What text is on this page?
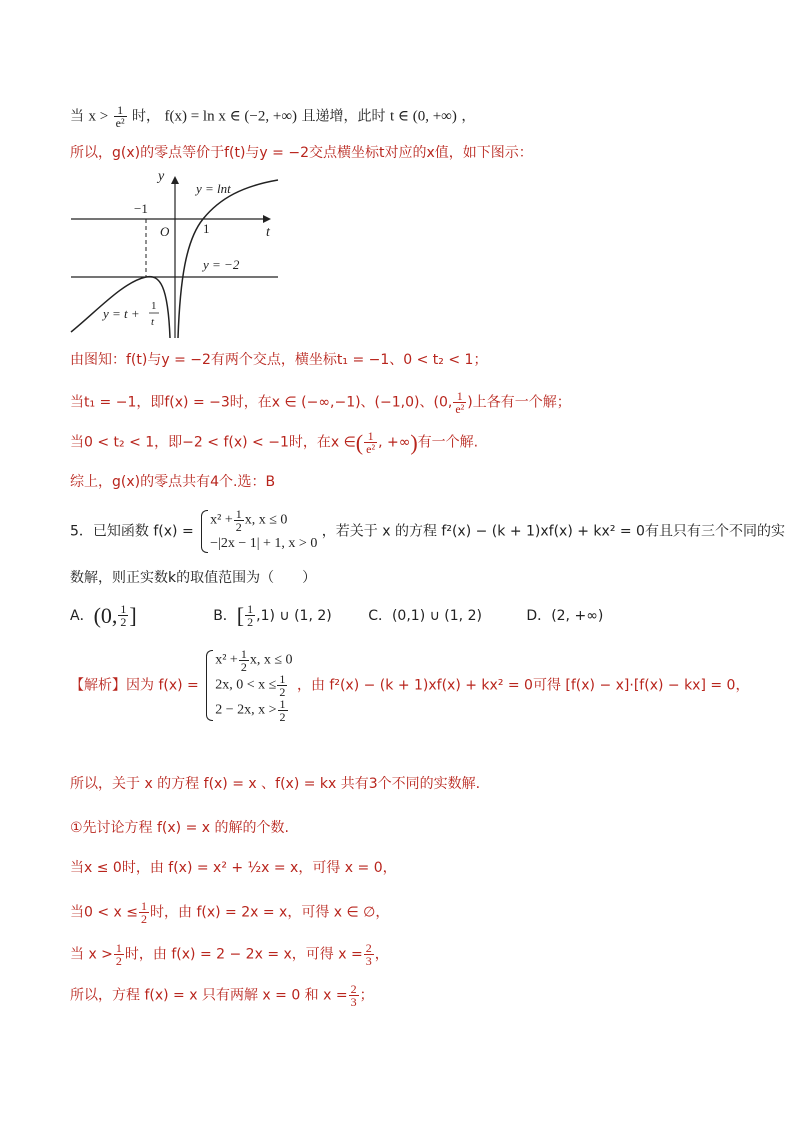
当 $x > \frac{1}{\text{e²}}$ 时， f(x) = ln x ∈ (−2, +∞) 且递增，此时 t ∈ (0, +∞) ，
所以，g(x)的零点等价于f(t)与y = −2交点横坐标t对应的x值，如下图示：
y
t
O
−1
1
y = lnt
y = −2
y = t + 1
t
由图知：f(t)与y = −2有两个交点，横坐标t₁ = −1、0 < t₂ < 1；
当t₁ = −1，即f(x) = −3时，在x ∈ (−∞,−1)、(−1,0)、(0, $\frac{1}{\text{e²}}$ )上各有一个解；
当0 < t₂ < 1，即−2 < f(x) < −1时，在x ∈( $\frac{1}{\text{e²}}$ , +∞)有一个解.
综上，g(x)的零点共有4个.选：B
5．已知函数 f(x) =
$x^2 + \frac{1}{2} x$, x ≤ 0
−|2x − 1| + 1, x > 0
，若关于 x 的方程 f²(x) − (k + 1)xf(x) + kx² = 0有且只有三个不同的实
数解，则正实数k的取值范围为（　　）
A．(0, $\frac{1}{2}$ ]	B．[ $\frac{1}{2} ,1$) ∪ (1, 2)	C．(0,1) ∪ (1, 2)	D．(2, +∞)
【解析】因为 f(x) =
$x^2 + \frac{1}{2} x$, x ≤ 0
2x, $0 < x \le \frac{1}{2}$
2 − 2x, $x > \frac{1}{2}$
，由 f²(x) − (k + 1)xf(x) + kx² = 0可得 [f(x) − x]·[f(x) − kx] = 0，
所以，关于 x 的方程 f(x) = x 、f(x) = kx 共有3个不同的实数解.
①先讨论方程 f(x) = x 的解的个数.
当x ≤ 0时，由 f(x) = x² + ½x = x，可得 x = 0，
当$0 < x \le \frac{1}{2}$ 时，由 f(x) = 2x = x，可得 x ∈ ∅，
当 $x > \frac{1}{2}$ 时，由 f(x) = 2 − 2x = x，可得 $x = \frac{2}{3}$ ，
所以，方程 f(x) = x 只有两解 x = 0 和 $x = \frac{2}{3}$ ；
